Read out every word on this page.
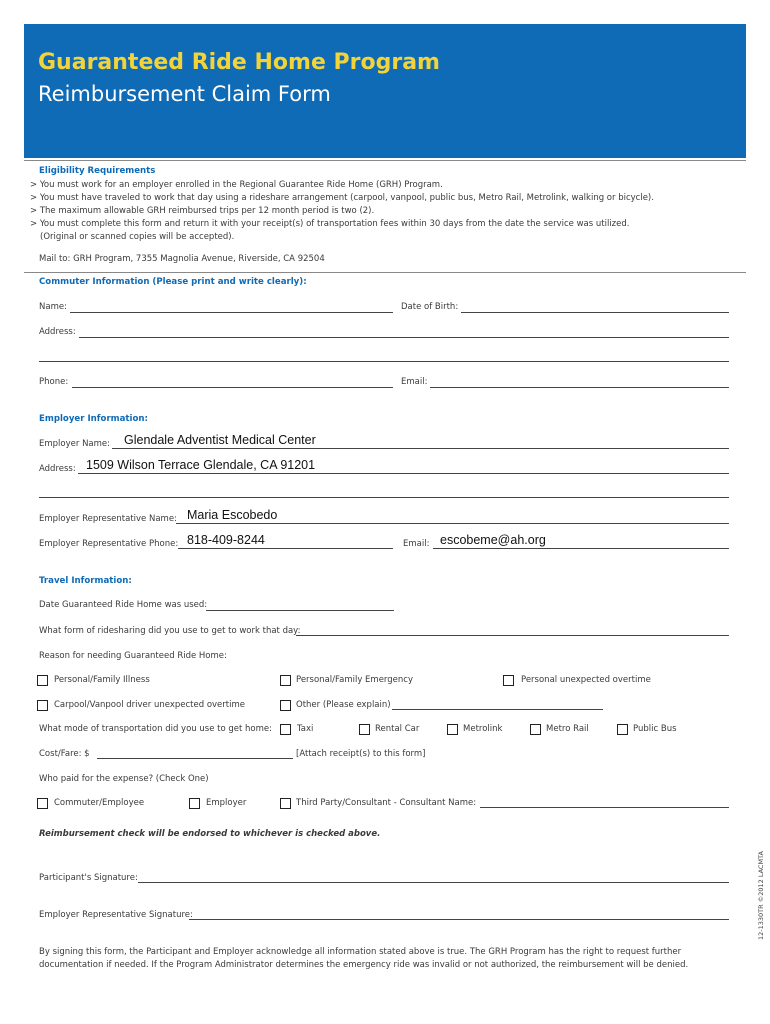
Guaranteed Ride Home Program
Reimbursement Claim Form
Eligibility Requirements
> You must work for an employer enrolled in the Regional Guarantee Ride Home (GRH) Program.
> You must have traveled to work that day using a rideshare arrangement (carpool, vanpool, public bus, Metro Rail, Metrolink, walking or bicycle).
> The maximum allowable GRH reimbursed trips per 12 month period is two (2).
> You must complete this form and return it with your receipt(s) of transportation fees within 30 days from the date the service was utilized.
(Original or scanned copies will be accepted).
Mail to: GRH Program, 7355 Magnolia Avenue, Riverside, CA 92504
Commuter Information (Please print and write clearly):
Name:	Date of Birth:
Address:
Phone:	Email:
Employer Information:
Employer Name: Glendale Adventist Medical Center
Address: 1509 Wilson Terrace Glendale, CA 91201
Employer Representative Name: Maria Escobedo
Employer Representative Phone: 818-409-8244	Email: escobeme@ah.org
Travel Information:
Date Guaranteed Ride Home was used:
What form of ridesharing did you use to get to work that day:
Reason for needing Guaranteed Ride Home:
Personal/Family Illness	Personal/Family Emergency	Personal unexpected overtime
Carpool/Vanpool driver unexpected overtime	Other (Please explain)
What mode of transportation did you use to get home:	Taxi	Rental Car	Metrolink	Metro Rail	Public Bus
Cost/Fare: $	[Attach receipt(s) to this form]
Who paid for the expense? (Check One)
Commuter/Employee	Employer	Third Party/Consultant - Consultant Name:
Reimbursement check will be endorsed to whichever is checked above.
Participant's Signature:
Employer Representative Signature:
By signing this form, the Participant and Employer acknowledge all information stated above is true. The GRH Program has the right to request further
documentation if needed. If the Program Administrator determines the emergency ride was invalid or not authorized, the reimbursement will be denied.
12-1330TR ©2012 LACMTA
